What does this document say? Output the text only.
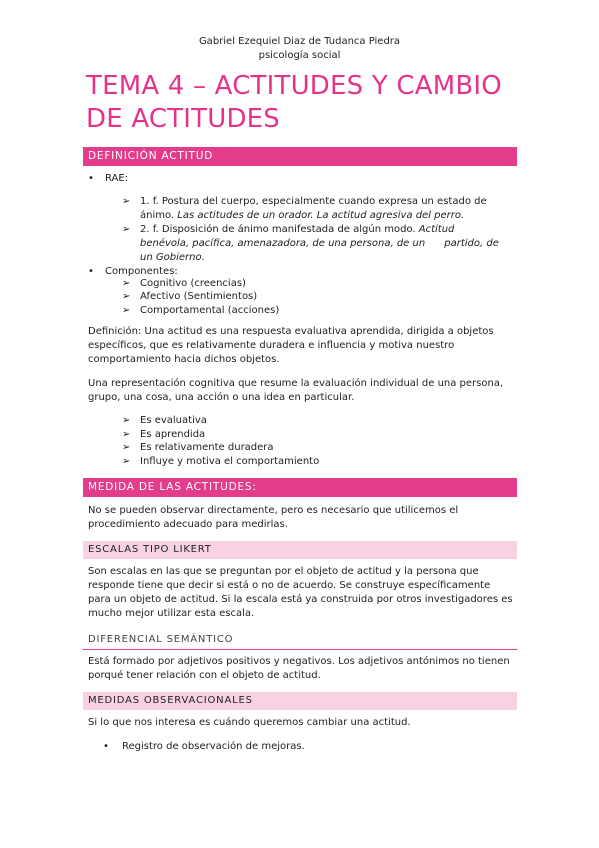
Gabriel Ezequiel Diaz de Tudanca Piedra
psicología social
TEMA 4 – ACTITUDES Y CAMBIO
DE ACTITUDES
DEFINICIÓN ACTITUD
• RAE:
➢ 1. f. Postura del cuerpo, especialmente cuando expresa un estado de
ánimo. Las actitudes de un orador. La actitud agresiva del perro.
➢ 2. f. Disposición de ánimo manifestada de algún modo. Actitud
benévola, pacífica, amenazadora, de una persona, de un      partido, de
un Gobierno.
• Componentes:
➢ Cognitivo (creencias)
➢ Afectivo (Sentimientos)
➢ Comportamental (acciones)
Definición: Una actitud es una respuesta evaluativa aprendida, dirigida a objetos
específicos, que es relativamente duradera e influencia y motiva nuestro
comportamiento hacia dichos objetos.
Una representación cognitiva que resume la evaluación individual de una persona,
grupo, una cosa, una acción o una idea en particular.
➢ Es evaluativa
➢ Es aprendida
➢ Es relativamente duradera
➢ Influye y motiva el comportamiento
MEDIDA DE LAS ACTITUDES:
No se pueden observar directamente, pero es necesario que utilicemos el
procedimiento adecuado para medirlas.
ESCALAS TIPO LIKERT
Son escalas en las que se preguntan por el objeto de actitud y la persona que
responde tiene que decir si está o no de acuerdo. Se construye específicamente
para un objeto de actitud. Si la escala está ya construida por otros investigadores es
mucho mejor utilizar esta escala.
DIFERENCIAL SEMÁNTICO
Está formado por adjetivos positivos y negativos. Los adjetivos antónimos no tienen
porqué tener relación con el objeto de actitud.
MEDIDAS OBSERVACIONALES
Si lo que nos interesa es cuándo queremos cambiar una actitud.
• Registro de observación de mejoras.
